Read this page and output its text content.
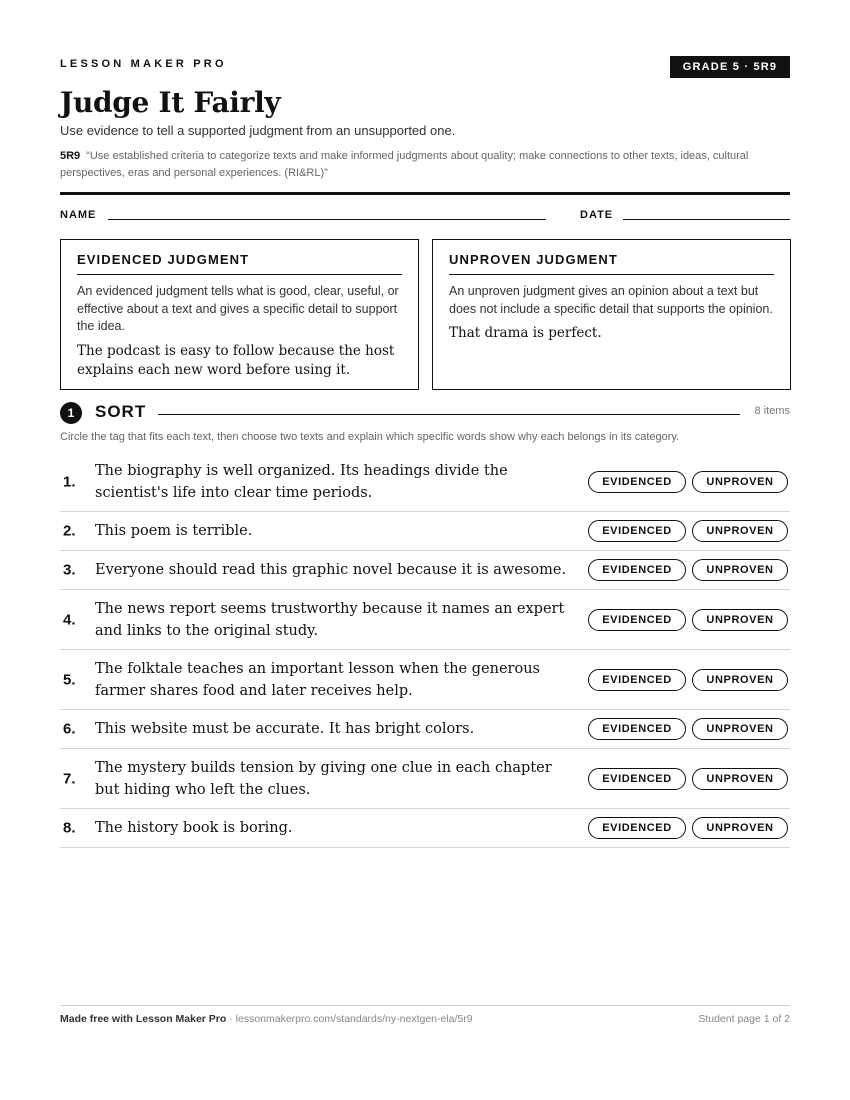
LESSON MAKER PRO	GRADE 5 · 5R9
Judge It Fairly
Use evidence to tell a supported judgment from an unsupported one.
5R9 “Use established criteria to categorize texts and make informed judgments about quality; make connections to other texts, ideas, cultural perspectives, eras and personal experiences. (RI&RL)”
NAME	DATE
EVIDENCED JUDGMENT
An evidenced judgment tells what is good, clear, useful, or effective about a text and gives a specific detail to support the idea.
The podcast is easy to follow because the host explains each new word before using it.
UNPROVEN JUDGMENT
An unproven judgment gives an opinion about a text but does not include a specific detail that supports the opinion.
That drama is perfect.
1	SORT	8 items
Circle the tag that fits each text, then choose two texts and explain which specific words show why each belongs in its category.
1.
The biography is well organized. Its headings divide the scientist's life into clear time periods.
EVIDENCED	UNPROVEN
2. This poem is terrible.	EVIDENCED	UNPROVEN
3. Everyone should read this graphic novel because it is awesome.	EVIDENCED	UNPROVEN
4.
The news report seems trustworthy because it names an expert and links to the original study.
EVIDENCED	UNPROVEN
5.
The folktale teaches an important lesson when the generous farmer shares food and later receives help.
EVIDENCED	UNPROVEN
6. This website must be accurate. It has bright colors.	EVIDENCED	UNPROVEN
7.
The mystery builds tension by giving one clue in each chapter but hiding who left the clues.
EVIDENCED	UNPROVEN
8. The history book is boring.	EVIDENCED	UNPROVEN
Made free with Lesson Maker Pro · lessonmakerpro.com/standards/ny-nextgen-ela/5r9	Student page 1 of 2
